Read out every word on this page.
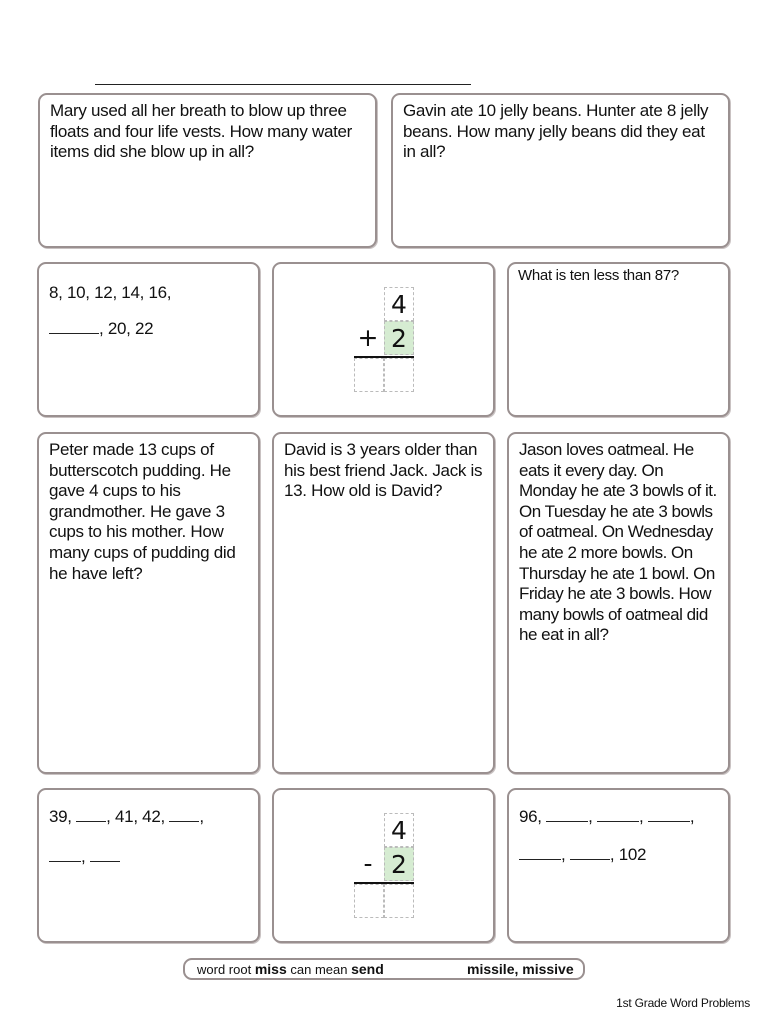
Mary used all her breath to blow up three floats and four life vests. How many water items did she blow up in all?

Gavin ate 10 jelly beans. Hunter ate 8 jelly beans. How many jelly beans did they eat in all?

8, 10, 12, 14, 16,

, 20, 22

4
+ 2

What is ten less than 87?

Peter made 13 cups of butterscotch pudding. He gave 4 cups to his grandmother. He gave 3 cups to his mother. How many cups of pudding did he have left?

David is 3 years older than his best friend Jack. Jack is 13. How old is David?

Jason loves oatmeal. He eats it every day. On Monday he ate 3 bowls of it. On Tuesday he ate 3 bowls of oatmeal. On Wednesday he ate 2 more bowls. On Thursday he ate 1 bowl. On Friday he ate 3 bowls. How many bowls of oatmeal did he eat in all?

39, , 41, 42, ,

,

4
- 2

96,	,	,	,

,	, 102

word root miss can mean send	missile, missive
1st Grade Word Problems
